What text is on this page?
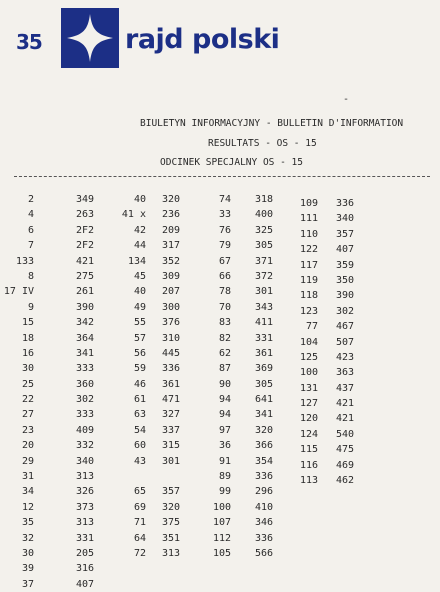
35	rajd polski
-
BIULETYN INFORMACYJNY - BULLETIN D'INFORMATION
RESULTATS - OS - 15
ODCINEK SPECJALNY OS - 15
2	349
4	263
6	2F2
7	2F2
133	421
8	275
17 IV	261
9	390
15	342
18	364
16	341
30	333
25	360
22	302
27	333
23	409
20	332
29	340
31	313
34	326
12	373
35	313
32	331
30	205
39	316
37	407
40 320
41 x 236
42 209
44 317
134 352
45 309
40 207
49 300
55 376
57 310
56 445
59 336
46 361
61 471
63 327
54 337
60 315
43 301
65 357
69 320
71 375
64 351
72 313
74 318
33 400
76 325
79 305
67 371
66 372
78 301
70 343
83 411
82 331
62 361
87 369
90 305
94 641
94 341
97 320
36 366
91 354
89 336
99 296
100 410
107 346
112 336
105 566
109 336
111 340
110 357
122 407
117 359
119 350
118 390
123 302
77 467
104 507
125 423
100 363
131 437
127 421
120 421
124 540
115 475
116 469
113 462
